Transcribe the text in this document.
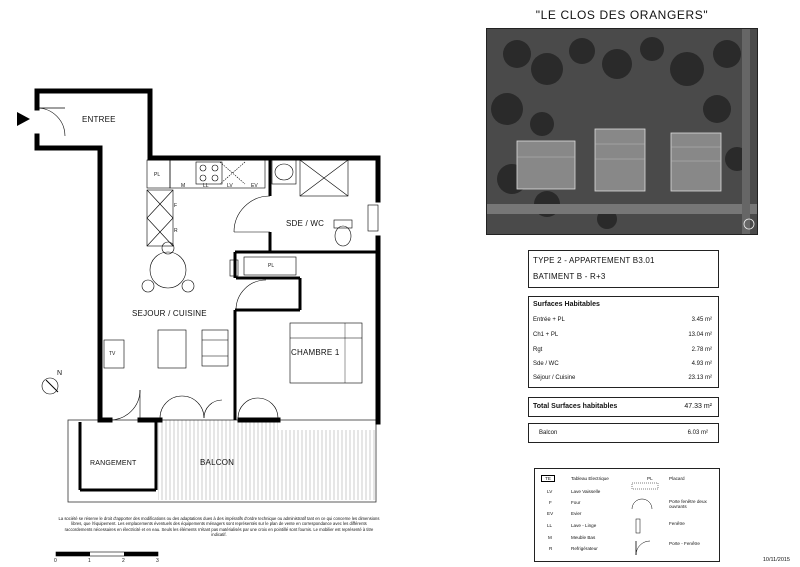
ENTREE
SEJOUR / CUISINE
SDE / WC
CHAMBRE 1
RANGEMENT	BALCON
PL
M	LL	LV	EV
F
R
PL
TV
N
"LE CLOS DES ORANGERS"
TYPE 2 - APPARTEMENT B3.01
BATIMENT B - R+3
Surfaces Habitables
Entrée + PL	3.45 m²
Ch1 + PL	13.04 m²
Rgt	2.78 m²
Sde / WC	4.93 m²
Séjour / Cuisine	23.13 m²
Total Surfaces habitables	47.33 m²
Balcon	6.03 m²
TE	Tableau Electrique
LV	Lave Vaisselle
F	Four
EV	Evier
LL	Lave - Linge
M	Meuble Bas
R	Refrigérateur
PL	Placard
Porte fenêtre deux ouvrants
Fenêtre
Porte - Fenêtre
La société se réserve le droit d'apporter des modifications ou des adaptations dues à des impératifs d'ordre technique ou administratif tant en ce qui concerne les dimensions libres, que l'équipement. Les emplacements éventuels des équipements ménagers sont représentés sur le plan de vente en correspondance avec les différents raccordements nécessaires en électricité et en eau. Seuls les éléments n'étant pas matérialisés par une croix en pointillé sont fournis. Le mobilier est représenté à titre indicatif.
0	1	2	3	10/11/2015
